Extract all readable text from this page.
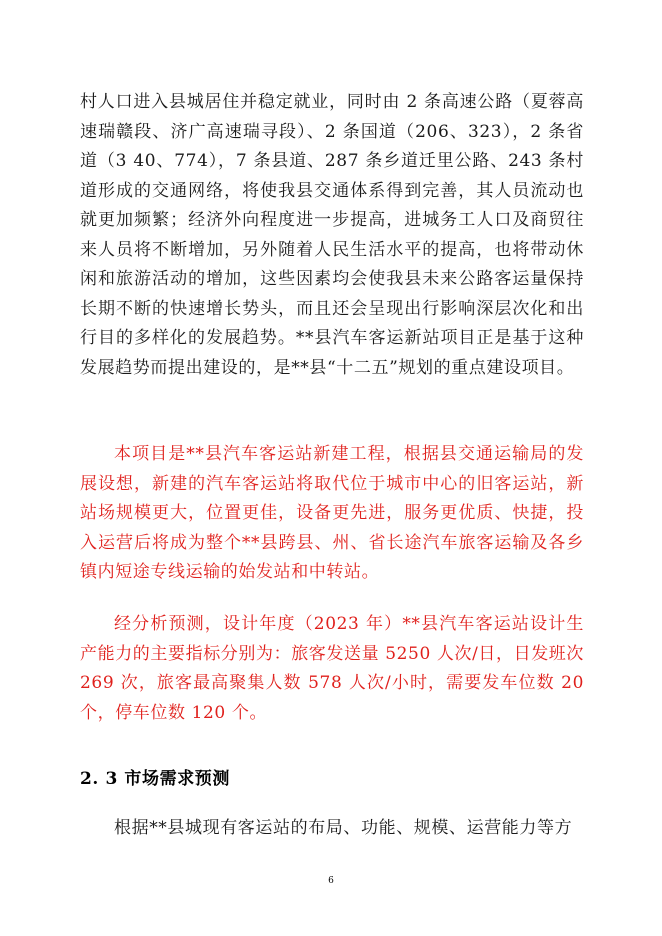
村人口进入县城居住并稳定就业，同时由 2 条高速公路（夏蓉高速瑞赣段、济广高速瑞寻段）、2 条国道（206、323），2 条省道（3 40、774），7 条县道、287 条乡道迁里公路、243 条村道形成的交通网络，将使我县交通体系得到完善，其人员流动也就更加频繁；经济外向程度进一步提高，进城务工人口及商贸往来人员将不断增加，另外随着人民生活水平的提高，也将带动休闲和旅游活动的增加，这些因素均会使我县未来公路客运量保持长期不断的快速增长势头，而且还会呈现出行影响深层次化和出行目的多样化的发展趋势。**县汽车客运新站项目正是基于这种发展趋势而提出建设的，是**县“十二五”规划的重点建设项目。

本项目是**县汽车客运站新建工程，根据县交通运输局的发展设想，新建的汽车客运站将取代位于城市中心的旧客运站，新站场规模更大，位置更佳，设备更先进，服务更优质、快捷，投入运营后将成为整个**县跨县、州、省长途汽车旅客运输及各乡镇内短途专线运输的始发站和中转站。

经分析预测，设计年度（2023 年）**县汽车客运站设计生产能力的主要指标分别为：旅客发送量 5250 人次/日，日发班次 269 次，旅客最高聚集人数 578 人次/小时，需要发车位数 20 个，停车位数 120 个。

2. 3 市场需求预测

根据**县城现有客运站的布局、功能、规模、运营能力等方

6
